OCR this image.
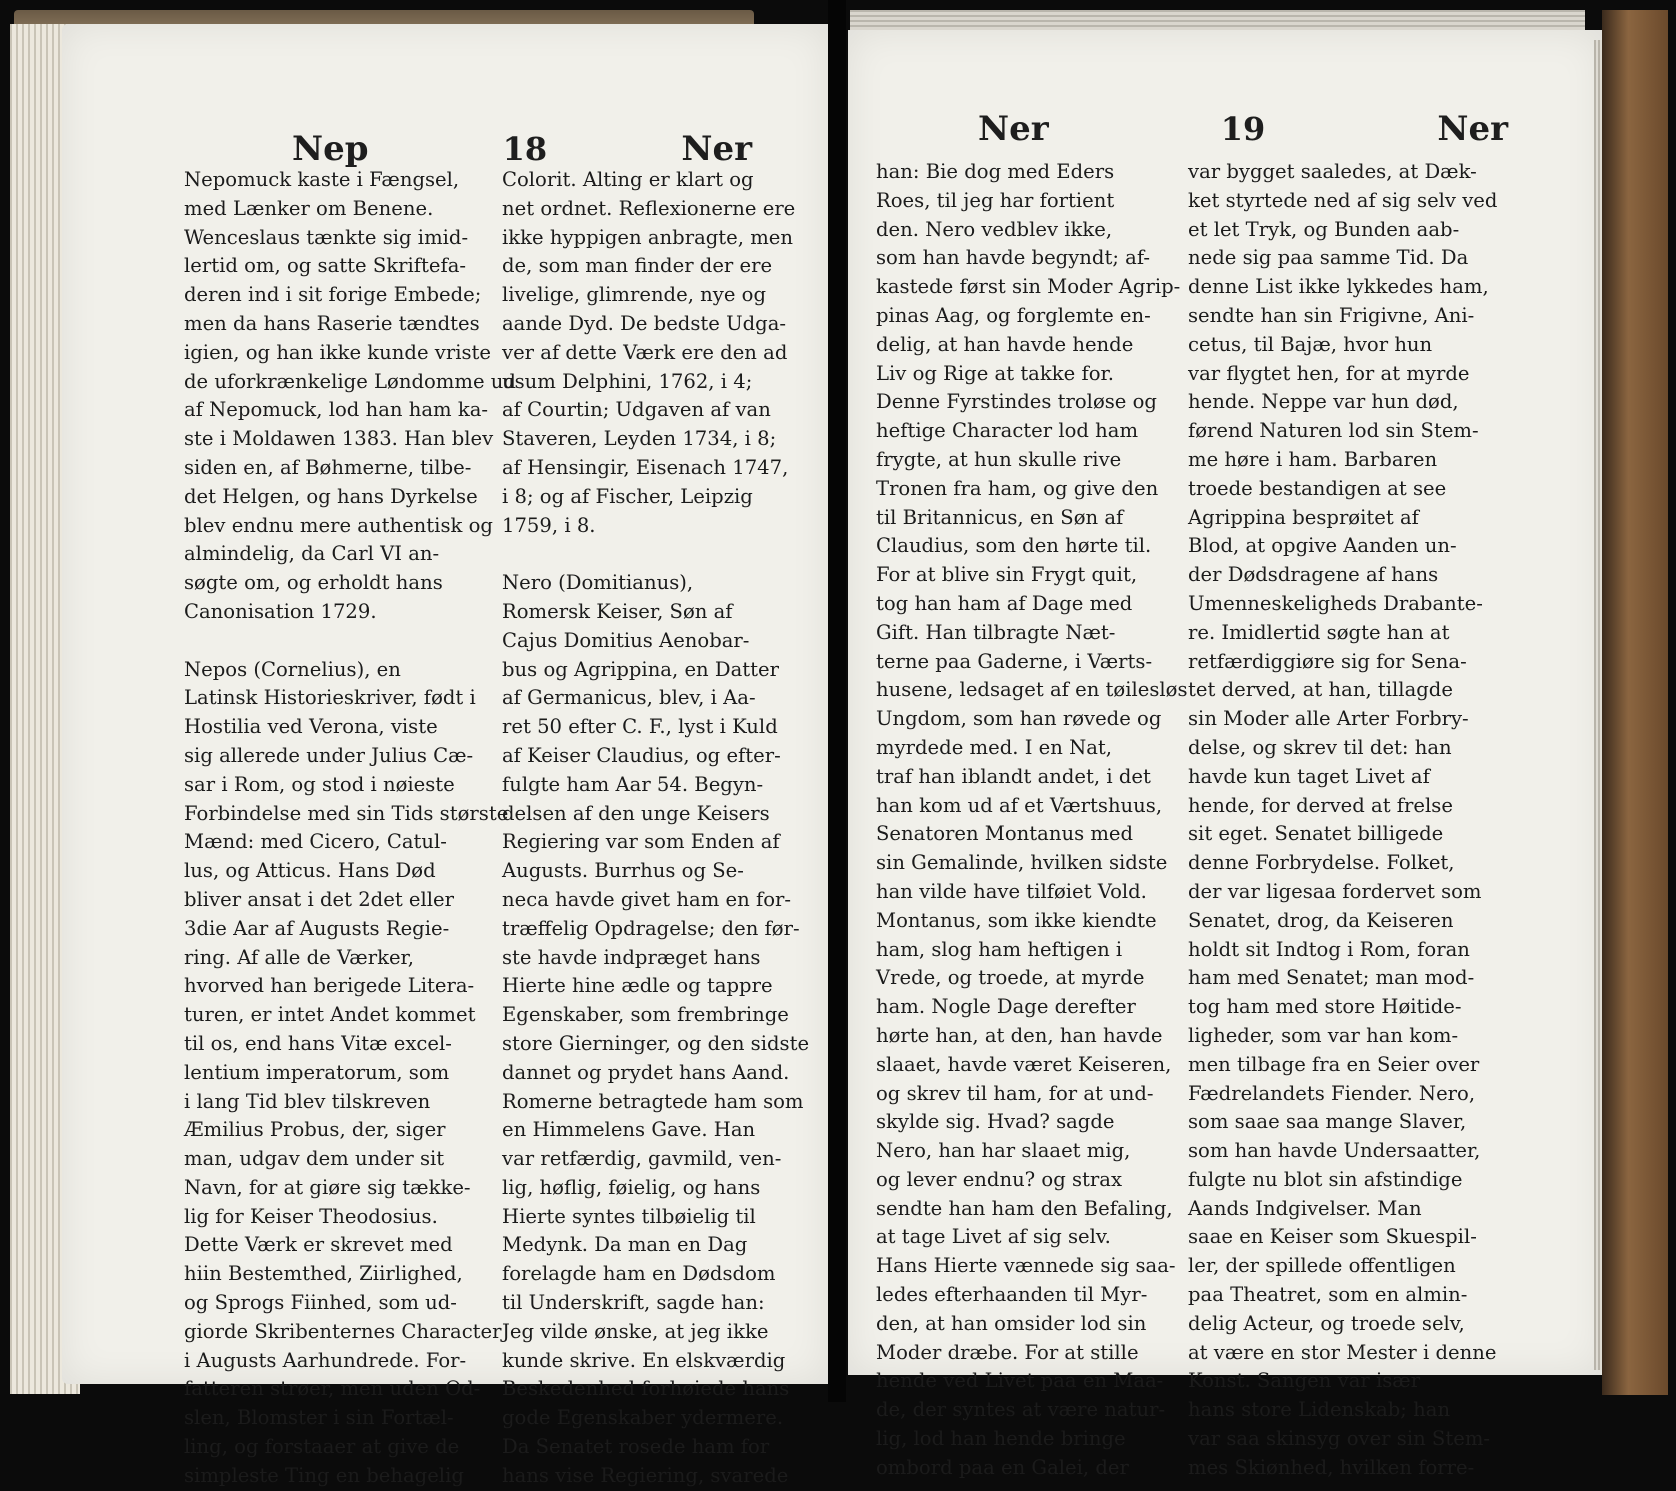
Nep	18	Ner
Nepomuck kaste i Fængsel,
med Lænker om Benene.
Wenceslaus tænkte sig imid-
lertid om, og satte Skriftefa-
deren ind i sit forige Embede;
men da hans Raserie tændtes
igien, og han ikke kunde vriste
de uforkrænkelige Løndomme ud
af Nepomuck, lod han ham ka-
ste i Moldawen 1383. Han blev
siden en, af Bøhmerne, tilbe-
det Helgen, og hans Dyrkelse
blev endnu mere authentisk og
almindelig, da Carl VI an-
søgte om, og erholdt hans
Canonisation 1729.
Nepos (Cornelius), en
Latinsk Historieskriver, født i
Hostilia ved Verona, viste
sig allerede under Julius Cæ-
sar i Rom, og stod i nøieste
Forbindelse med sin Tids største
Mænd: med Cicero, Catul-
lus, og Atticus. Hans Død
bliver ansat i det 2det eller
3die Aar af Augusts Regie-
ring. Af alle de Værker,
hvorved han berigede Litera-
turen, er intet Andet kommet
til os, end hans Vitæ excel-
lentium imperatorum, som
i lang Tid blev tilskreven
Æmilius Probus, der, siger
man, udgav dem under sit
Navn, for at giøre sig tække-
lig for Keiser Theodosius.
Dette Værk er skrevet med
hiin Bestemthed, Ziirlighed,
og Sprogs Fiinhed, som ud-
giorde Skribenternes Character
i Augusts Aarhundrede. For-
fatteren strøer, men uden Od-
slen, Blomster i sin Fortæl-
ling, og forstaaer at give de
simpleste Ting en behagelig
Colorit. Alting er klart og
net ordnet. Reflexionerne ere
ikke hyppigen anbragte, men
de, som man finder der ere
livelige, glimrende, nye og
aande Dyd. De bedste Udga-
ver af dette Værk ere den ad
usum Delphini, 1762, i 4;
af Courtin; Udgaven af van
Staveren, Leyden 1734, i 8;
af Hensingir, Eisenach 1747,
i 8; og af Fischer, Leipzig
1759, i 8.
Nero (Domitianus),
Romersk Keiser, Søn af
Cajus Domitius Aenobar-
bus og Agrippina, en Datter
af Germanicus, blev, i Aa-
ret 50 efter C. F., lyst i Kuld
af Keiser Claudius, og efter-
fulgte ham Aar 54. Begyn-
delsen af den unge Keisers
Regiering var som Enden af
Augusts. Burrhus og Se-
neca havde givet ham en for-
træffelig Opdragelse; den før-
ste havde indpræget hans
Hierte hine ædle og tappre
Egenskaber, som frembringe
store Gierninger, og den sidste
dannet og prydet hans Aand.
Romerne betragtede ham som
en Himmelens Gave. Han
var retfærdig, gavmild, ven-
lig, høflig, føielig, og hans
Hierte syntes tilbøielig til
Medynk. Da man en Dag
forelagde ham en Dødsdom
til Underskrift, sagde han:
Jeg vilde ønske, at jeg ikke
kunde skrive. En elskværdig
Beskedenhed forhøiede hans
gode Egenskaber ydermere.
Da Senatet rosede ham for
hans vise Regiering, svarede
Ner	19	Ner
han: Bie dog med Eders
Roes, til jeg har fortient
den. Nero vedblev ikke,
som han havde begyndt; af-
kastede først sin Moder Agrip-
pinas Aag, og forglemte en-
delig, at han havde hende
Liv og Rige at takke for.
Denne Fyrstindes troløse og
heftige Character lod ham
frygte, at hun skulle rive
Tronen fra ham, og give den
til Britannicus, en Søn af
Claudius, som den hørte til.
For at blive sin Frygt quit,
tog han ham af Dage med
Gift. Han tilbragte Næt-
terne paa Gaderne, i Værts-
husene, ledsaget af en tøilesløs
Ungdom, som han røvede og
myrdede med. I en Nat,
traf han iblandt andet, i det
han kom ud af et Værtshuus,
Senatoren Montanus med
sin Gemalinde, hvilken sidste
han vilde have tilføiet Vold.
Montanus, som ikke kiendte
ham, slog ham heftigen i
Vrede, og troede, at myrde
ham. Nogle Dage derefter
hørte han, at den, han havde
slaaet, havde været Keiseren,
og skrev til ham, for at und-
skylde sig. Hvad? sagde
Nero, han har slaaet mig,
og lever endnu? og strax
sendte han ham den Befaling,
at tage Livet af sig selv.
Hans Hierte vænnede sig saa-
ledes efterhaanden til Myr-
den, at han omsider lod sin
Moder dræbe. For at stille
hende ved Livet paa en Maa-
de, der syntes at være natur-
lig, lod han hende bringe
ombord paa en Galei, der
var bygget saaledes, at Dæk-
ket styrtede ned af sig selv ved
et let Tryk, og Bunden aab-
nede sig paa samme Tid. Da
denne List ikke lykkedes ham,
sendte han sin Frigivne, Ani-
cetus, til Bajæ, hvor hun
var flygtet hen, for at myrde
hende. Neppe var hun død,
førend Naturen lod sin Stem-
me høre i ham. Barbaren
troede bestandigen at see
Agrippina besprøitet af
Blod, at opgive Aanden un-
der Dødsdragene af hans
Umenneskeligheds Drabante-
re. Imidlertid søgte han at
retfærdiggiøre sig for Sena-
tet derved, at han, tillagde
sin Moder alle Arter Forbry-
delse, og skrev til det: han
havde kun taget Livet af
hende, for derved at frelse
sit eget. Senatet billigede
denne Forbrydelse. Folket,
der var ligesaa fordervet som
Senatet, drog, da Keiseren
holdt sit Indtog i Rom, foran
ham med Senatet; man mod-
tog ham med store Høitide-
ligheder, som var han kom-
men tilbage fra en Seier over
Fædrelandets Fiender. Nero,
som saae saa mange Slaver,
som han havde Undersaatter,
fulgte nu blot sin afstindige
Aands Indgivelser. Man
saae en Keiser som Skuespil-
ler, der spillede offentligen
paa Theatret, som en almin-
delig Acteur, og troede selv,
at være en stor Mester i denne
Konst. Sangen var især
hans store Lidenskab; han
var saa skinsyg over sin Stem-
mes Skiønhed, hvilken forre-
